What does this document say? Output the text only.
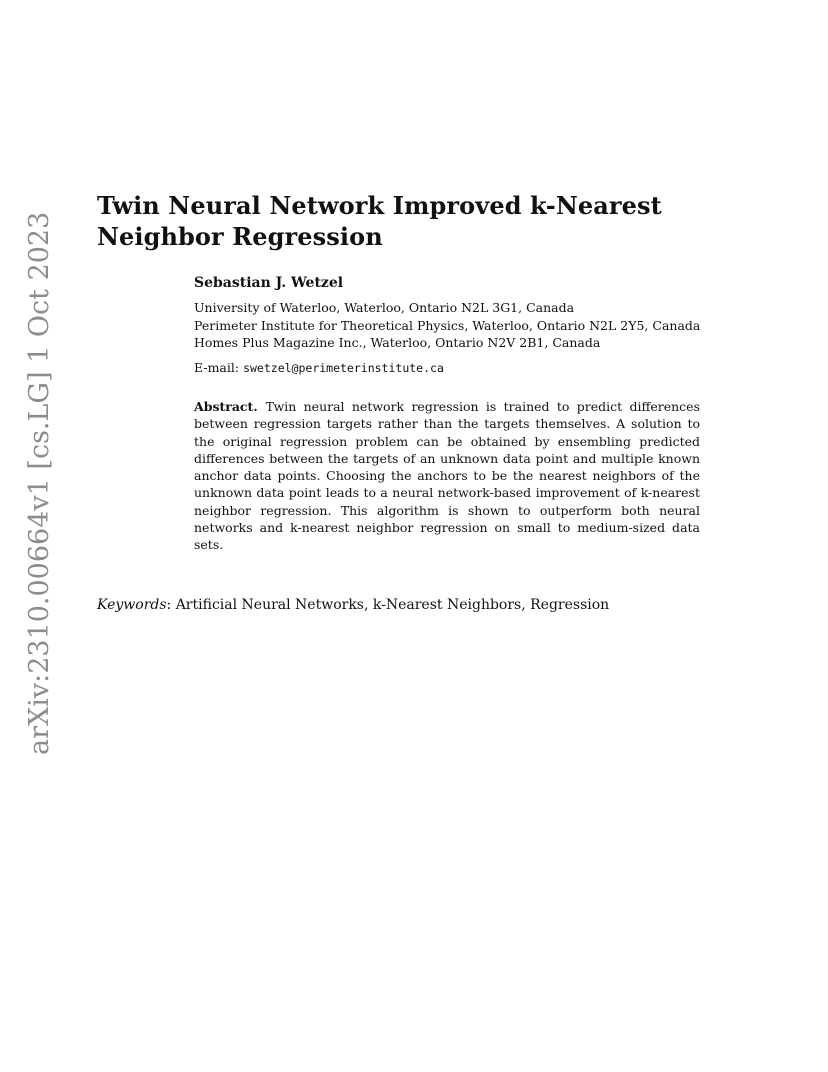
arXiv:2310.00664v1 [cs.LG] 1 Oct 2023
Twin Neural Network Improved k-Nearest Neighbor Regression
Sebastian J. Wetzel
University of Waterloo, Waterloo, Ontario N2L 3G1, Canada
Perimeter Institute for Theoretical Physics, Waterloo, Ontario N2L 2Y5, Canada
Homes Plus Magazine Inc., Waterloo, Ontario N2V 2B1, Canada
E-mail: swetzel@perimeterinstitute.ca
Abstract. Twin neural network regression is trained to predict differences between regression targets rather than the targets themselves. A solution to the original regression problem can be obtained by ensembling predicted differences between the targets of an unknown data point and multiple known anchor data points. Choosing the anchors to be the nearest neighbors of the unknown data point leads to a neural network-based improvement of k-nearest neighbor regression. This algorithm is shown to outperform both neural networks and k-nearest neighbor regression on small to medium-sized data sets.
Keywords: Artificial Neural Networks, k-Nearest Neighbors, Regression
